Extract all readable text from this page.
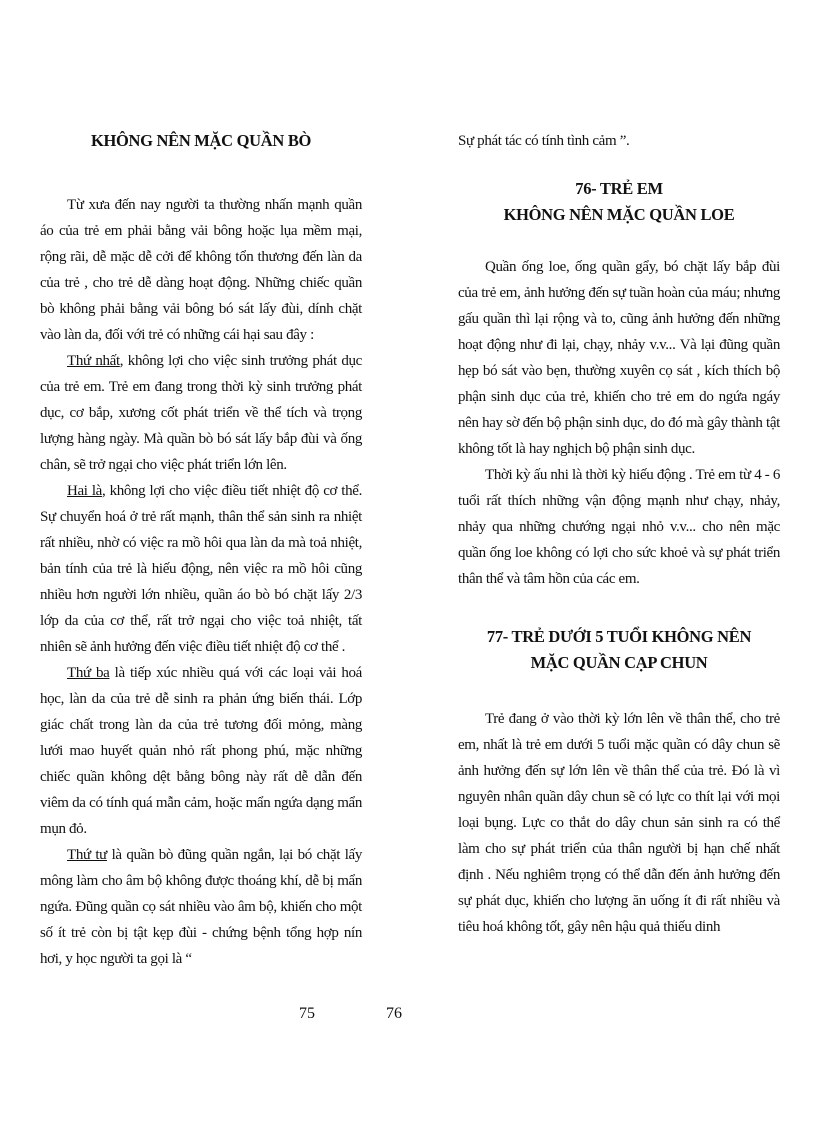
KHÔNG NÊN MẶC QUẦN BÒ

Từ xưa đến nay người ta thường nhấn mạnh quần áo của trẻ em phải bằng vải bông hoặc lụa mềm mại, rộng rãi, dễ mặc dễ cởi để không tổn thương đến làn da của trẻ , cho trẻ dễ dàng hoạt động. Những chiếc quần bò không phải bằng vải bông bó sát lấy đùi, dính chặt vào làn da, đối với trẻ có những cái hại sau đây :

Thứ nhất, không lợi cho việc sinh trưởng phát dục của trẻ em. Trẻ em đang trong thời kỳ sinh trưởng phát dục, cơ bắp, xương cốt phát triển về thể tích và trọng lượng hàng ngày. Mà quần bò bó sát lấy bắp đùi và ống chân, sẽ trở ngại cho việc phát triển lớn lên.

Hai là, không lợi cho việc điều tiết nhiệt độ cơ thể. Sự chuyển hoá ở trẻ rất mạnh, thân thể sản sinh ra nhiệt rất nhiều, nhờ có việc ra mồ hôi qua làn da mà toả nhiệt, bản tính của trẻ là hiếu động, nên việc ra mồ hôi cũng nhiều hơn người lớn nhiều, quần áo bò bó chặt lấy 2/3 lớp da của cơ thể, rất trở ngại cho việc toả nhiệt, tất nhiên sẽ ảnh hưởng đến việc điều tiết nhiệt độ cơ thể .

Thứ ba là tiếp xúc nhiều quá với các loại vải hoá học, làn da của trẻ dễ sinh ra phản ứng biến thái. Lớp giác chất trong làn da của trẻ tương đối mỏng, màng lưới mao huyết quản nhỏ rất phong phú, mặc những chiếc quần không dệt bằng bông này rất dễ dẫn đến viêm da có tính quá mẫn cảm, hoặc mẩn ngứa dạng mẩn mụn đỏ.

Thứ tư là quần bò đũng quần ngắn, lại bó chặt lấy mông làm cho âm bộ không được thoáng khí, dễ bị mẩn ngứa. Đũng quần cọ sát nhiều vào âm bộ, khiến cho một số ít trẻ còn bị tật kẹp đùi - chứng bệnh tổng hợp nín hơi, y học người ta gọi là “

Sự phát tác có tính tình cảm ”.

76- TRẺ EM

KHÔNG NÊN MẶC QUẦN LOE

Quần ống loe, ống quần gẩy, bó chặt lấy bắp đùi của trẻ em, ảnh hưởng đến sự tuần hoàn của máu; nhưng gấu quần thì lại rộng và to, cũng ảnh hưởng đến những hoạt động như đi lại, chạy, nhảy v.v... Và lại đũng quần hẹp bó sát vào bẹn, thường xuyên cọ sát , kích thích bộ phận sinh dục của trẻ, khiến cho trẻ em do ngứa ngáy nên hay sờ đến bộ phận sinh dục, do đó mà gây thành tật không tốt là hay nghịch bộ phận sinh dục.

Thời kỳ ấu nhi là thời kỳ hiếu động . Trẻ em từ 4 - 6 tuổi rất thích những vận động mạnh như chạy, nhảy, nhảy qua những chướng ngại nhỏ v.v... cho nên mặc quần ống loe không có lợi cho sức khoẻ và sự phát triển thân thể và tâm hồn của các em.

77- TRẺ DƯỚI 5 TUỔI KHÔNG NÊN

MẶC QUẦN CẠP CHUN

Trẻ đang ở vào thời kỳ lớn lên về thân thể, cho trẻ em, nhất là trẻ em dưới 5 tuổi mặc quần có dây chun sẽ ảnh hưởng đến sự lớn lên về thân thể của trẻ. Đó là vì nguyên nhân quần dây chun sẽ có lực co thít lại với mọi loại bụng. Lực co thắt do dây chun sản sinh ra có thể làm cho sự phát triển của thân người bị hạn chế nhất định . Nếu nghiêm trọng có thể dẫn đến ảnh hưởng đến sự phát dục, khiến cho lượng ăn uống ít đi rất nhiều và tiêu hoá không tốt, gây nên hậu quả thiếu dinh

75	76
